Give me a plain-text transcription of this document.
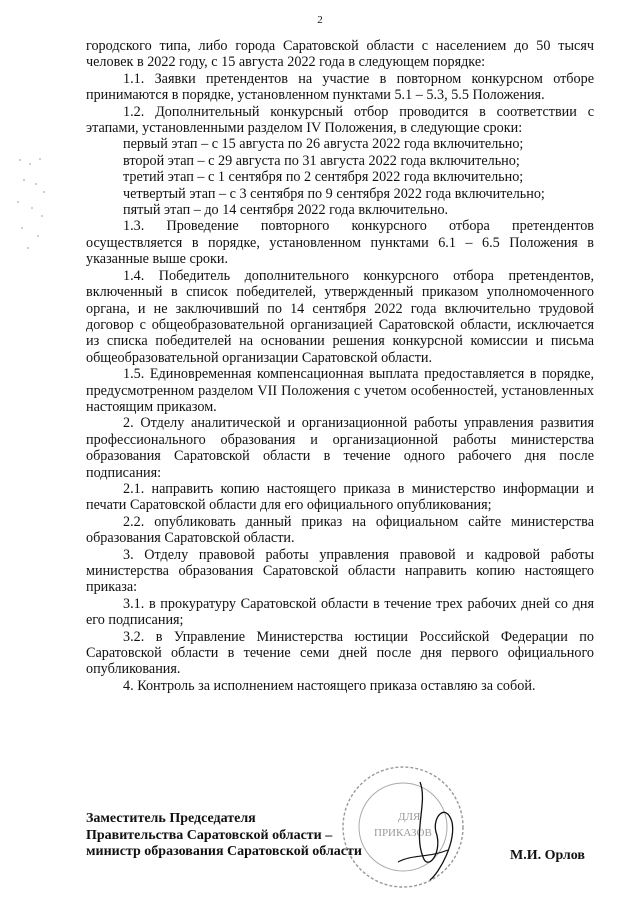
2

городского типа, либо города Саратовской области с населением до 50 тысяч человек в 2022 году, с 15 августа 2022 года в следующем порядке:

1.1. Заявки претендентов на участие в повторном конкурсном отборе принимаются в порядке, установленном пунктами 5.1 – 5.3, 5.5 Положения.

1.2. Дополнительный конкурсный отбор проводится в соответствии с этапами, установленными разделом IV Положения, в следующие сроки:

первый этап – с 15 августа по 26 августа 2022 года включительно;

второй этап – с 29 августа по 31 августа 2022 года включительно;

третий этап – с 1 сентября по 2 сентября 2022 года включительно;

четвертый этап – с 3 сентября по 9 сентября 2022 года включительно;

пятый этап – до 14 сентября 2022 года включительно.

1.3. Проведение повторного конкурсного отбора претендентов осуществляется в порядке, установленном пунктами 6.1 – 6.5 Положения в указанные выше сроки.

1.4. Победитель дополнительного конкурсного отбора претендентов, включенный в список победителей, утвержденный приказом уполномоченного органа, и не заключивший по 14 сентября 2022 года включительно трудовой договор с общеобразовательной организацией Саратовской области, исключается из списка победителей на основании решения конкурсной комиссии и письма общеобразовательной организации Саратовской области.

1.5. Единовременная компенсационная выплата предоставляется в порядке, предусмотренном разделом VII Положения с учетом особенностей, установленных настоящим приказом.

2. Отделу аналитической и организационной работы управления развития профессионального образования и организационной работы министерства образования Саратовской области в течение одного рабочего дня после подписания:

2.1. направить копию настоящего приказа в министерство информации и печати Саратовской области для его официального опубликования;

2.2. опубликовать данный приказ на официальном сайте министерства образования Саратовской области.

3. Отделу правовой работы управления правовой и кадровой работы министерства образования Саратовской области направить копию настоящего приказа:

3.1. в прокуратуру Саратовской области в течение трех рабочих дней со дня его подписания;

3.2. в Управление Министерства юстиции Российской Федерации по Саратовской области в течение семи дней после дня первого официального опубликования.

4. Контроль за исполнением настоящего приказа оставляю за собой.

ДЛЯ
ПРИКАЗОВ
Заместитель Председателя
Правительства Саратовской области –
министр образования Саратовской области	М.И. Орлов
